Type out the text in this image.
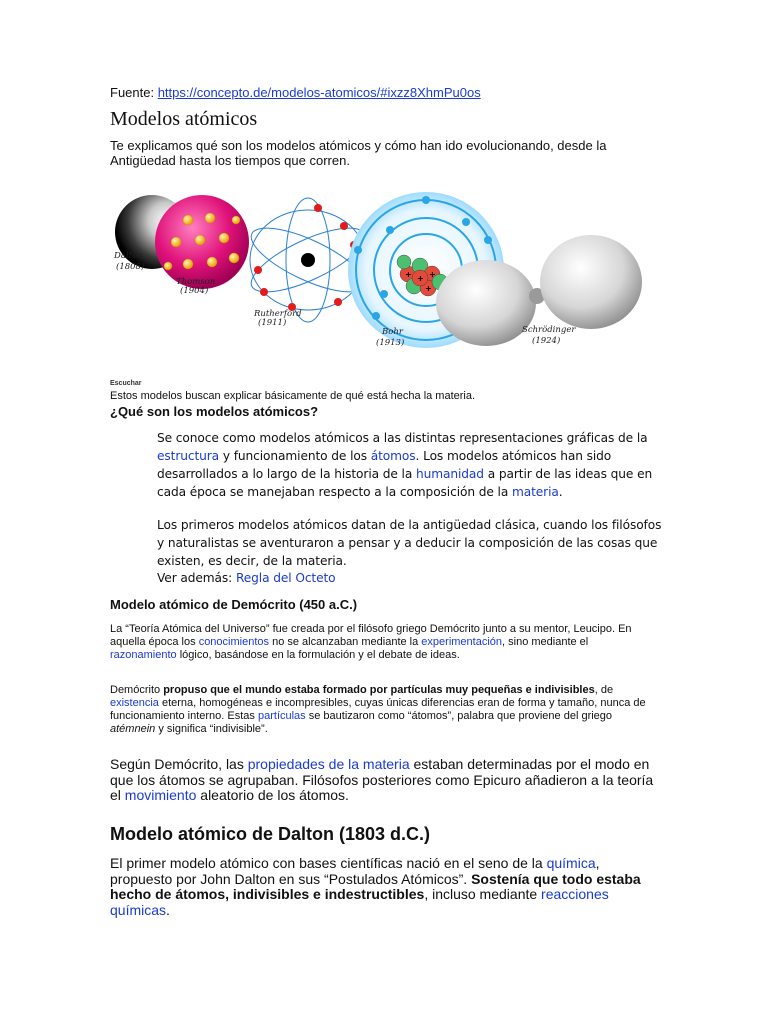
Fuente: https://concepto.de/modelos-atomicos/#ixzz8XhmPu0os
Modelos atómicos
Te explicamos qué son los modelos atómicos y cómo han ido evolucionando, desde la Antigüedad hasta los tiempos que corren.
+ +
+
+
Dalton
(1808)
Thomson
(1904)
Rutherford
(1911)
Bohr
(1913)
Schrödinger
(1924)
Escuchar
Estos modelos buscan explicar básicamente de qué está hecha la materia.
¿Qué son los modelos atómicos?
Se conoce como modelos atómicos a las distintas representaciones gráficas de la estructura y funcionamiento de los átomos. Los modelos atómicos han sido desarrollados a lo largo de la historia de la humanidad a partir de las ideas que en cada época se manejaban respecto a la composición de la materia.
Los primeros modelos atómicos datan de la antigüedad clásica, cuando los filósofos y naturalistas se aventuraron a pensar y a deducir la composición de las cosas que existen, es decir, de la materia.
Ver además: Regla del Octeto
Modelo atómico de Demócrito (450 a.C.)
La “Teoría Atómica del Universo” fue creada por el filósofo griego Demócrito junto a su mentor, Leucipo. En aquella época los conocimientos no se alcanzaban mediante la experimentación, sino mediante el razonamiento lógico, basándose en la formulación y el debate de ideas.
Demócrito propuso que el mundo estaba formado por partículas muy pequeñas e indivisibles, de existencia eterna, homogéneas e incompresibles, cuyas únicas diferencias eran de forma y tamaño, nunca de funcionamiento interno. Estas partículas se bautizaron como “átomos”, palabra que proviene del griego atémnein y significa “indivisible”.
Según Demócrito, las propiedades de la materia estaban determinadas por el modo en que los átomos se agrupaban. Filósofos posteriores como Epicuro añadieron a la teoría el movimiento aleatorio de los átomos.
Modelo atómico de Dalton (1803 d.C.)
El primer modelo atómico con bases científicas nació en el seno de la química, propuesto por John Dalton en sus “Postulados Atómicos”. Sostenía que todo estaba hecho de átomos, indivisibles e indestructibles, incluso mediante reacciones químicas.
